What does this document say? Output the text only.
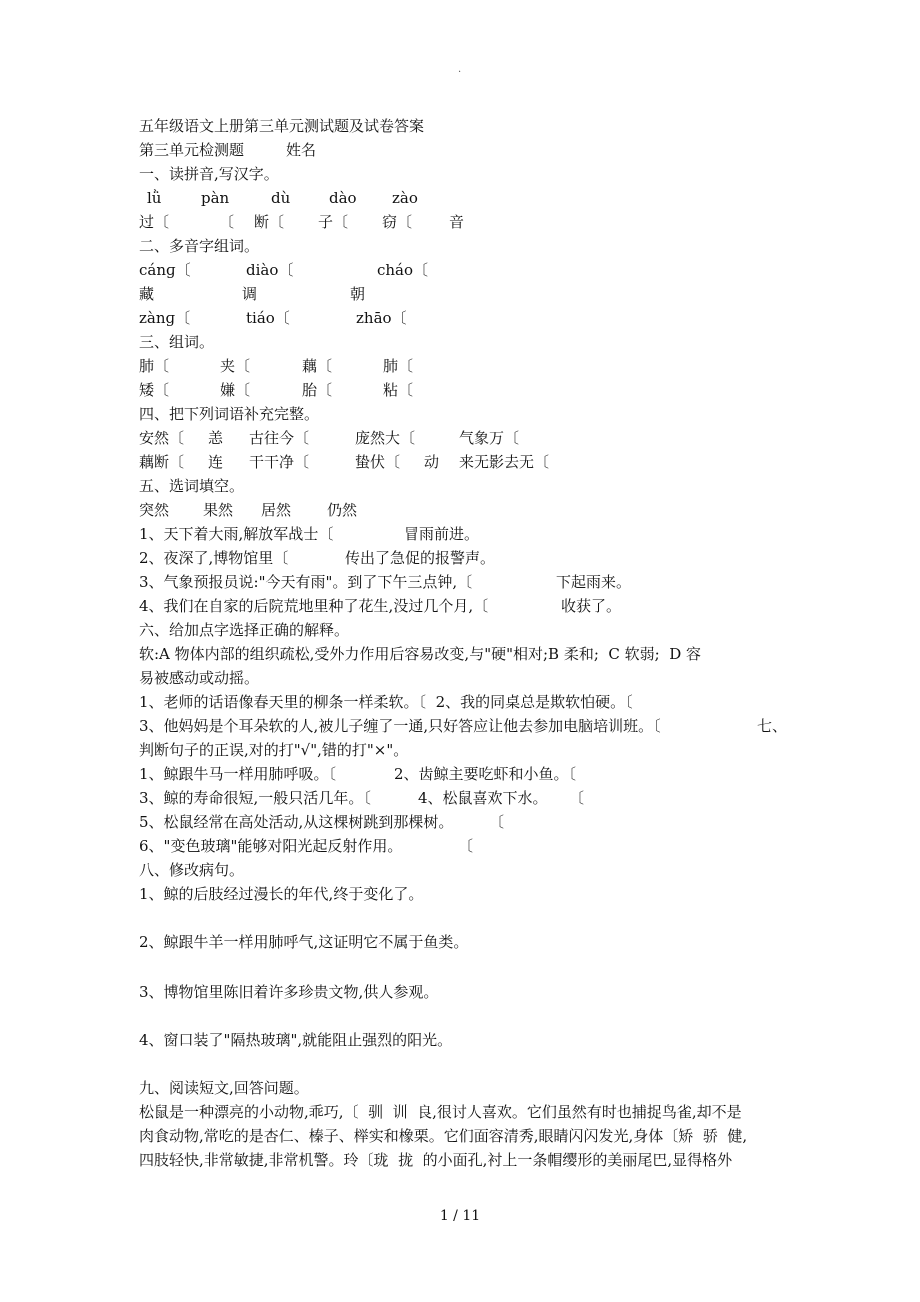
.
五年级语文上册第三单元测试题及试卷答案
第三单元检测题	姓名
一、读拼音,写汉字。
lǜ	pàn	dù	dào zào
过〔	〔 断〔 子〔 窃〔 音
二、多音字组词。
cánɡ〔	diào〔	cháo〔
藏	调	朝
zànɡ〔	tiáo〔	zhāo〔
三、组词。
肺〔	夹〔	藕〔	肺〔
矮〔	嫌〔	胎〔	粘〔
四、把下列词语补充完整。
安然〔 恙 古往今〔	庞然大〔	气象万〔
藕断〔 连 干干净〔	蛰伏〔 动 来无影去无〔
五、选词填空。
突然 果然 居然 仍然
1、天下着大雨,解放军战士〔	冒雨前进。
2、夜深了,博物馆里〔	传出了急促的报警声。
3、气象预报员说:"今天有雨"。到了下午三点钟,〔	下起雨来。
4、我们在自家的后院荒地里种了花生,没过几个月,〔	收获了。
六、给加点字选择正确的解释。
软:A 物体内部的组织疏松,受外力作用后容易改变,与"硬"相对;B 柔和;  C 软弱;  D 容
易被感动或动摇。
1、老师的话语像春天里的柳条一样柔软。〔  2、我的同桌总是欺软怕硬。〔
3、他妈妈是个耳朵软的人,被儿子缠了一通,只好答应让他去参加电脑培训班。〔	七、
判断句子的正误,对的打"√",错的打"×"。
1、鲸跟牛马一样用肺呼吸。〔	2、齿鲸主要吃虾和小鱼。〔
3、鲸的寿命很短,一般只活几年。〔	4、松鼠喜欢下水。 〔
5、松鼠经常在高处活动,从这棵树跳到那棵树。 〔
6、"变色玻璃"能够对阳光起反射作用。	〔
八、修改病句。
1、鲸的后肢经过漫长的年代,终于变化了。
2、鲸跟牛羊一样用肺呼气,这证明它不属于鱼类。
3、博物馆里陈旧着许多珍贵文物,供人参观。
4、窗口装了"隔热玻璃",就能阻止强烈的阳光。
九、阅读短文,回答问题。
松鼠是一种漂亮的小动物,乖巧,〔  驯  训  良,很讨人喜欢。它们虽然有时也捕捉鸟雀,却不是
肉食动物,常吃的是杏仁、榛子、榉实和橡栗。它们面容清秀,眼睛闪闪发光,身体〔矫  骄  健,
四肢轻快,非常敏捷,非常机警。玲〔珑  拢  的小面孔,衬上一条帽缨形的美丽尾巴,显得格外
1 / 11
